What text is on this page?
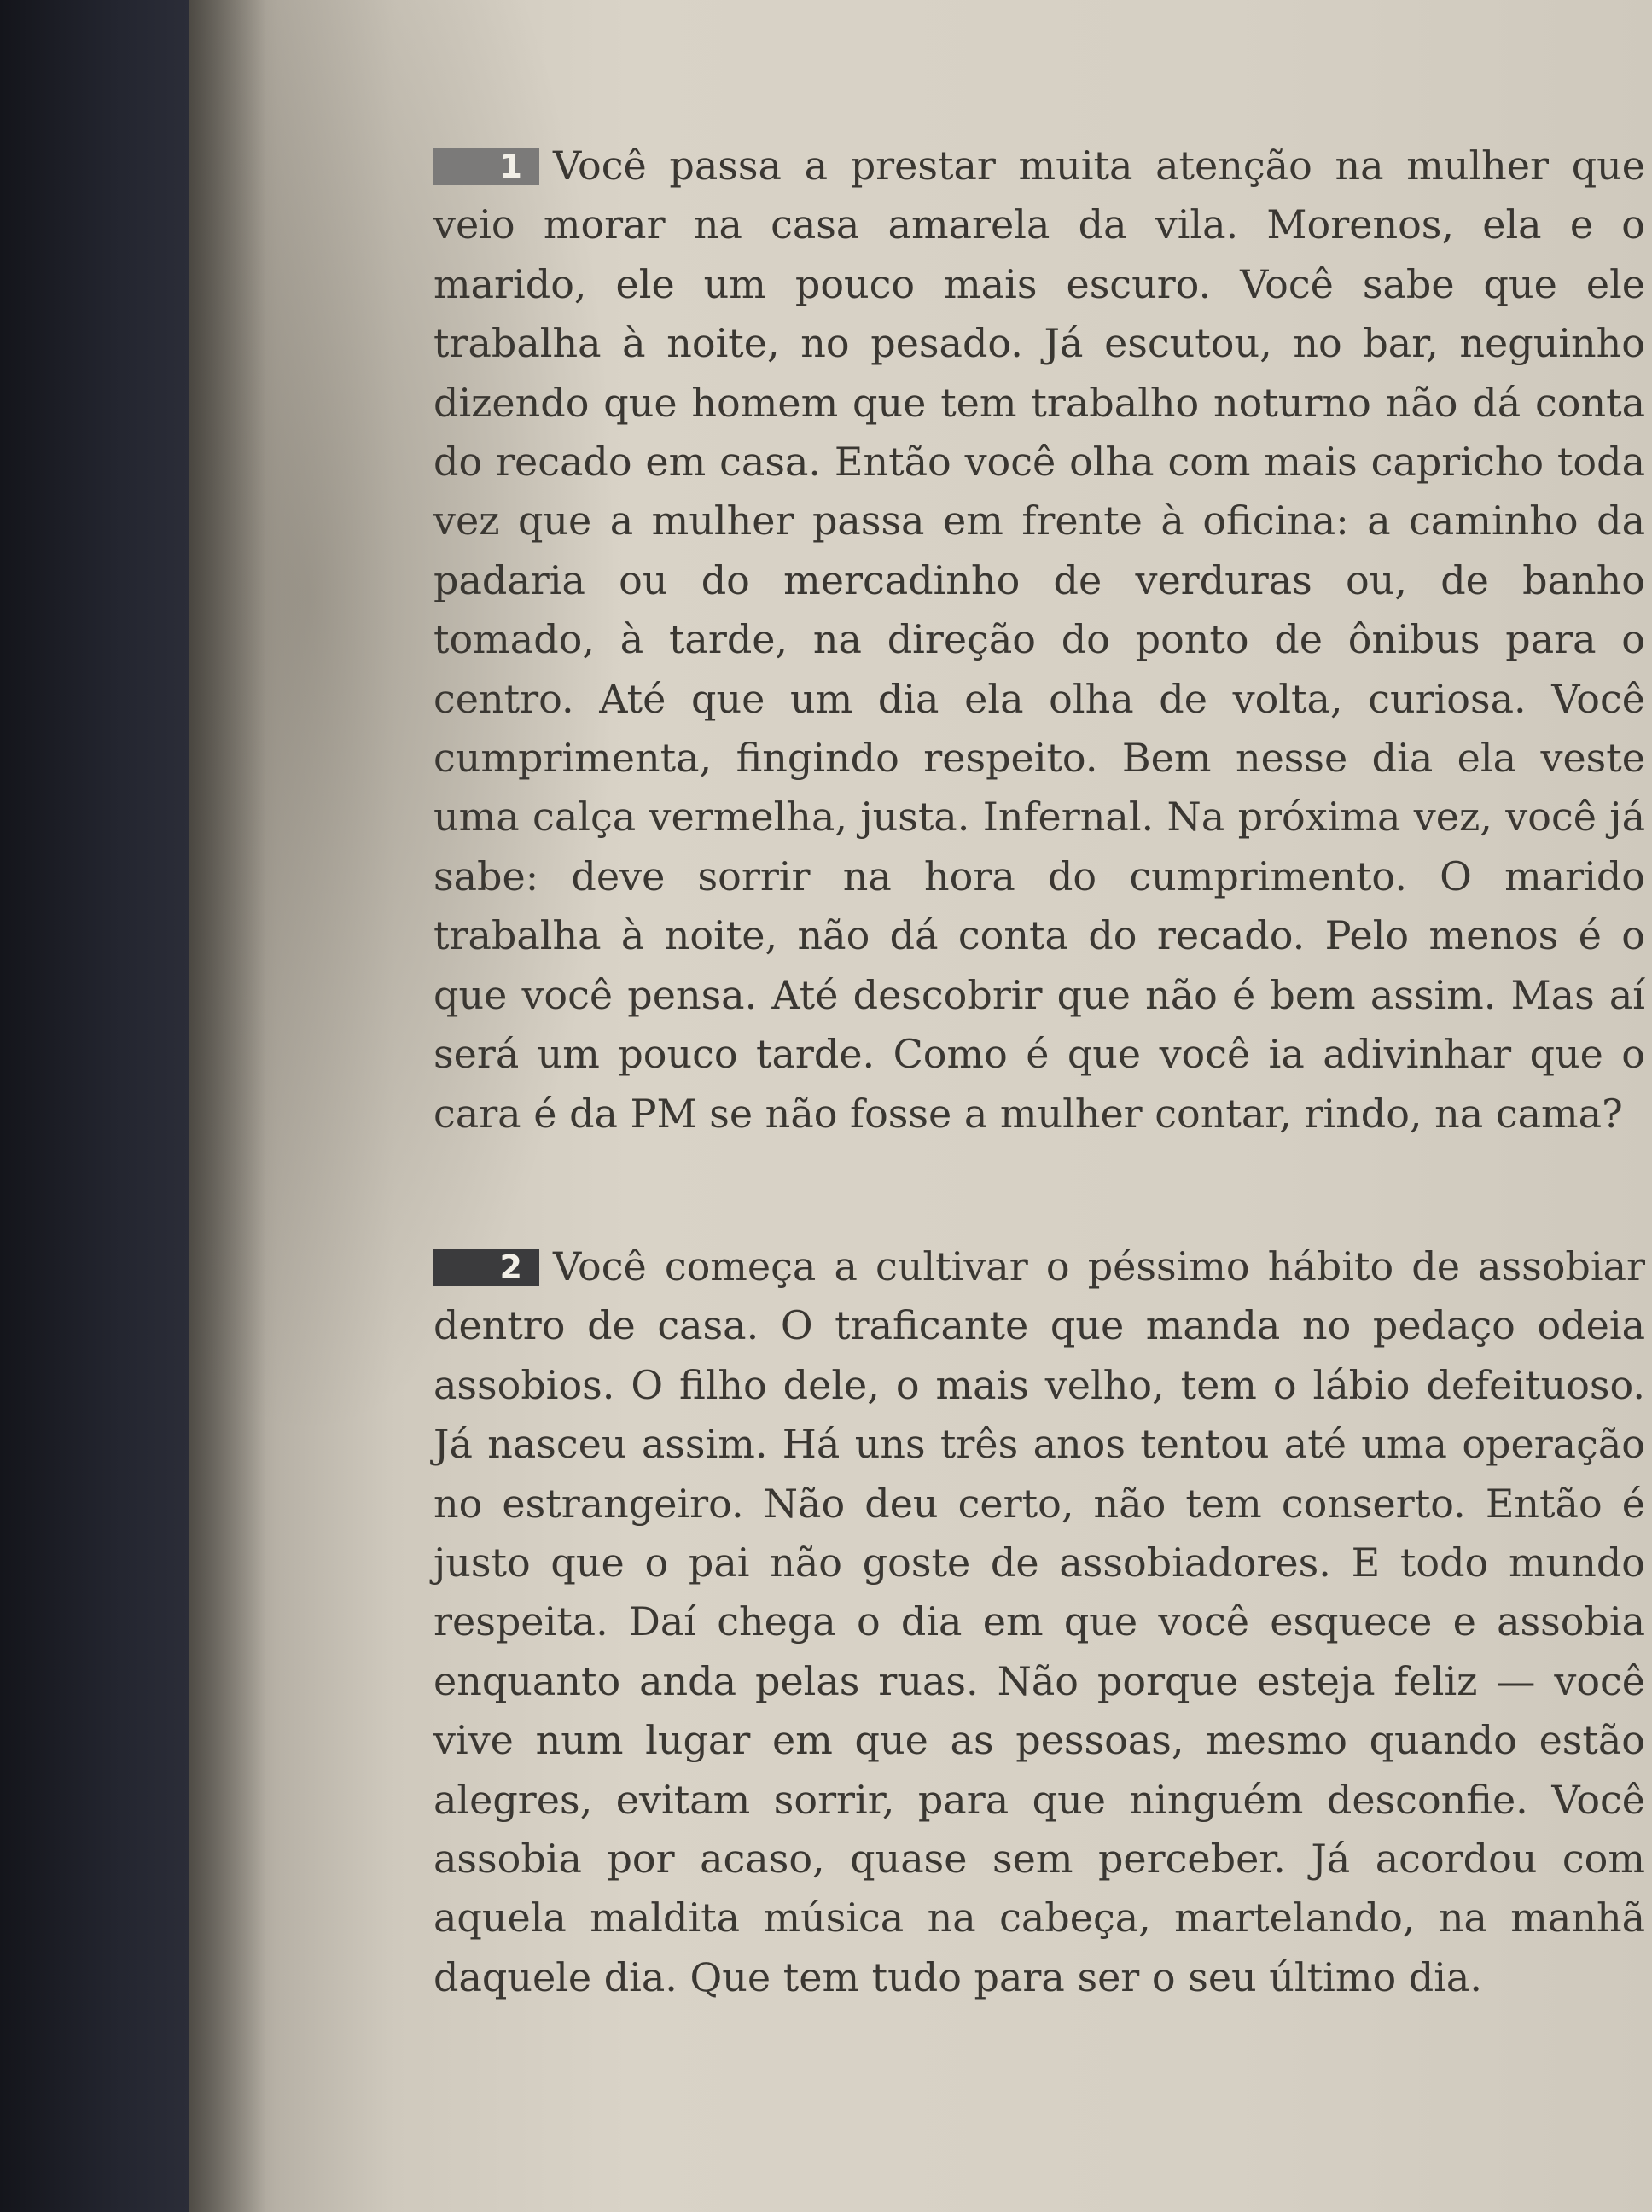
1 Você passa a prestar muita atenção na mulher que veio morar na casa amarela da vila. Morenos, ela e o marido, ele um pouco mais escuro. Você sabe que ele trabalha à noite, no pesado. Já escutou, no bar, neguinho dizendo que homem que tem trabalho noturno não dá conta do recado em casa. Então você olha com mais capricho toda vez que a mulher passa em frente à oficina: a caminho da padaria ou do mercadinho de verduras ou, de banho tomado, à tarde, na direção do ponto de ônibus para o centro. Até que um dia ela olha de volta, curiosa. Você cumprimenta, fingindo respeito. Bem nesse dia ela veste uma calça vermelha, justa. Infernal. Na próxima vez, você já sabe: deve sorrir na hora do cumprimento. O marido trabalha à noite, não dá conta do recado. Pelo menos é o que você pensa. Até descobrir que não é bem assim. Mas aí será um pouco tarde. Como é que você ia adivinhar que o cara é da PM se não fosse a mulher contar, rindo, na cama?

2 Você começa a cultivar o péssimo hábito de assobiar dentro de casa. O traficante que manda no pedaço odeia assobios. O filho dele, o mais velho, tem o lábio defeituoso. Já nasceu assim. Há uns três anos tentou até uma operação no estrangeiro. Não deu certo, não tem conserto. Então é justo que o pai não goste de assobiadores. E todo mundo respeita. Daí chega o dia em que você esquece e assobia enquanto anda pelas ruas. Não porque esteja feliz — você vive num lugar em que as pessoas, mesmo quando estão alegres, evitam sorrir, para que ninguém desconfie. Você assobia por acaso, quase sem perceber. Já acordou com aquela maldita música na cabeça, martelando, na manhã daquele dia. Que tem tudo para ser o seu último dia.
